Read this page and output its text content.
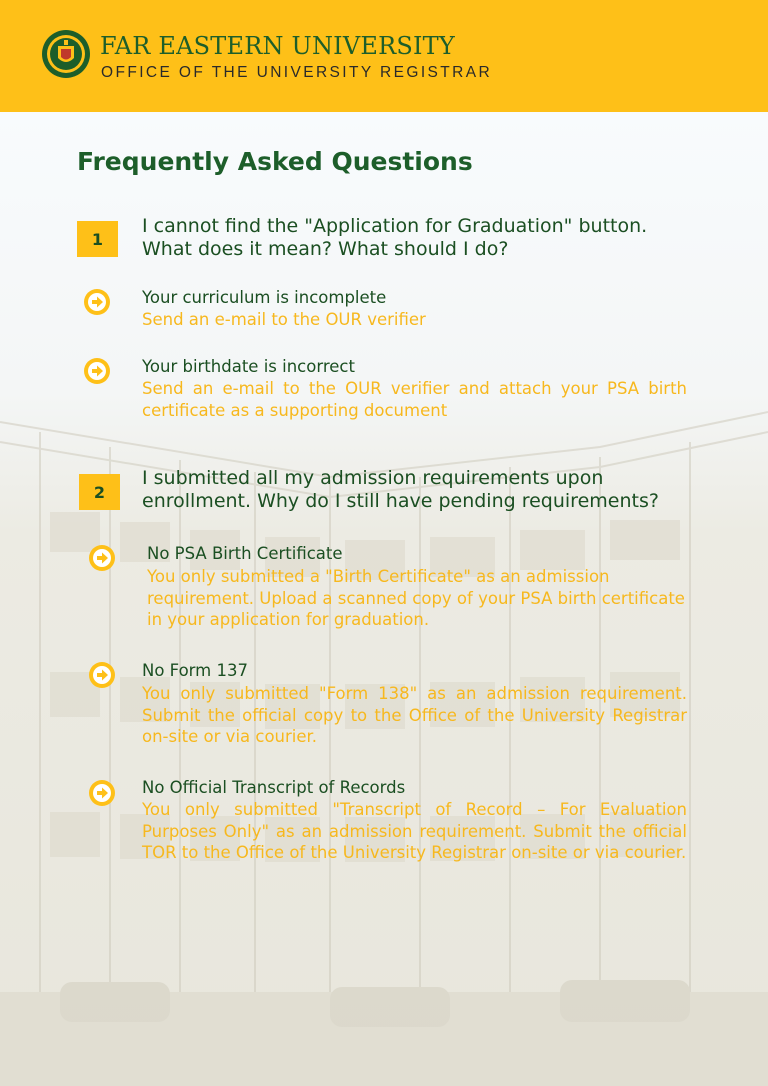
FAR EASTERN UNIVERSITY
OFFICE OF THE UNIVERSITY REGISTRAR
Frequently Asked Questions
1
I cannot find the "Application for Graduation" button. What does it mean? What should I do?
Your curriculum is incomplete
Send an e-mail to the OUR verifier
Your birthdate is incorrect
Send an e-mail to the OUR verifier and attach your PSA birth certificate as a supporting document
2
I submitted all my admission requirements upon enrollment. Why do I still have pending requirements?
No PSA Birth Certificate
You only submitted a "Birth Certificate" as an admission requirement. Upload a scanned copy of your PSA birth certificate in your application for graduation.
No Form 137
You only submitted "Form 138" as an admission requirement. Submit the official copy to the Office of the University Registrar on-site or via courier.
No Official Transcript of Records
You only submitted "Transcript of Record – For Evaluation Purposes Only" as an admission requirement. Submit the official TOR to the Office of the University Registrar on-site or via courier.
